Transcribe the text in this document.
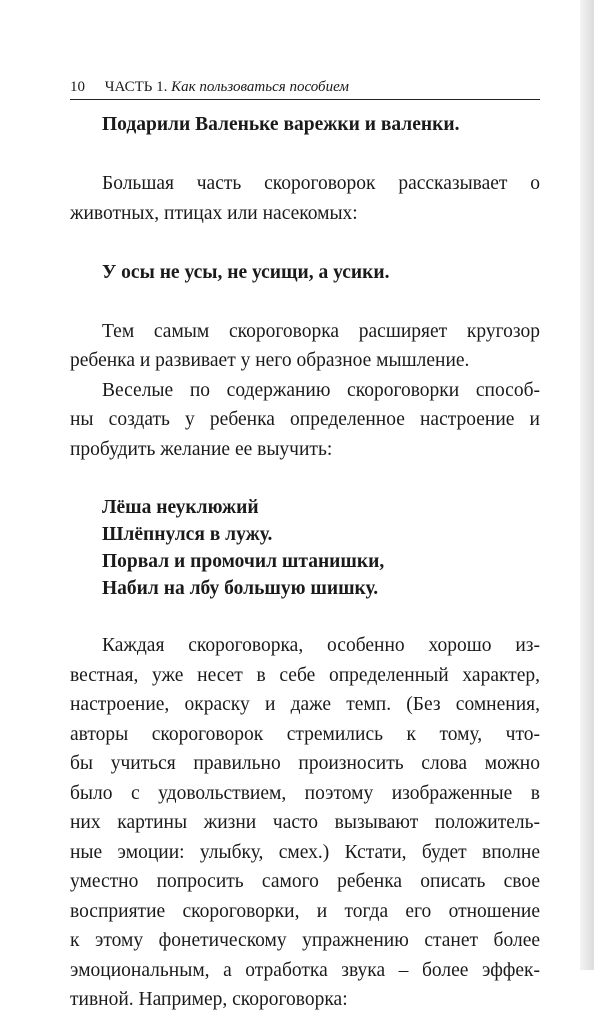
10 ЧАСТЬ 1. Как пользоваться пособием

Подарили Валеньке варежки и валенки.

Большая часть скороговорок рассказывает о
животных, птицах или насекомых:

У осы не усы, не усищи, а усики.

Тем самым скороговорка расширяет кругозор
ребенка и развивает у него образное мышление.

Веселые по содержанию скороговорки способ-
ны создать у ребенка определенное настроение и
пробудить желание ее выучить:

Лёша неуклюжий

Шлёпнулся в лужу.

Порвал и промочил штанишки,

Набил на лбу большую шишку.

Каждая скороговорка, особенно хорошо из-
вестная, уже несет в себе определенный характер,
настроение, окраску и даже темп. (Без сомнения,
авторы скороговорок стремились к тому, что-
бы учиться правильно произносить слова можно
было с удовольствием, поэтому изображенные в
них картины жизни часто вызывают положитель-
ные эмоции: улыбку, смех.) Кстати, будет вполне
уместно попросить самого ребенка описать свое
восприятие скороговорки, и тогда его отношение
к этому фонетическому упражнению станет более
эмоциональным, а отработка звука – более эффек-
тивной. Например, скороговорка:
